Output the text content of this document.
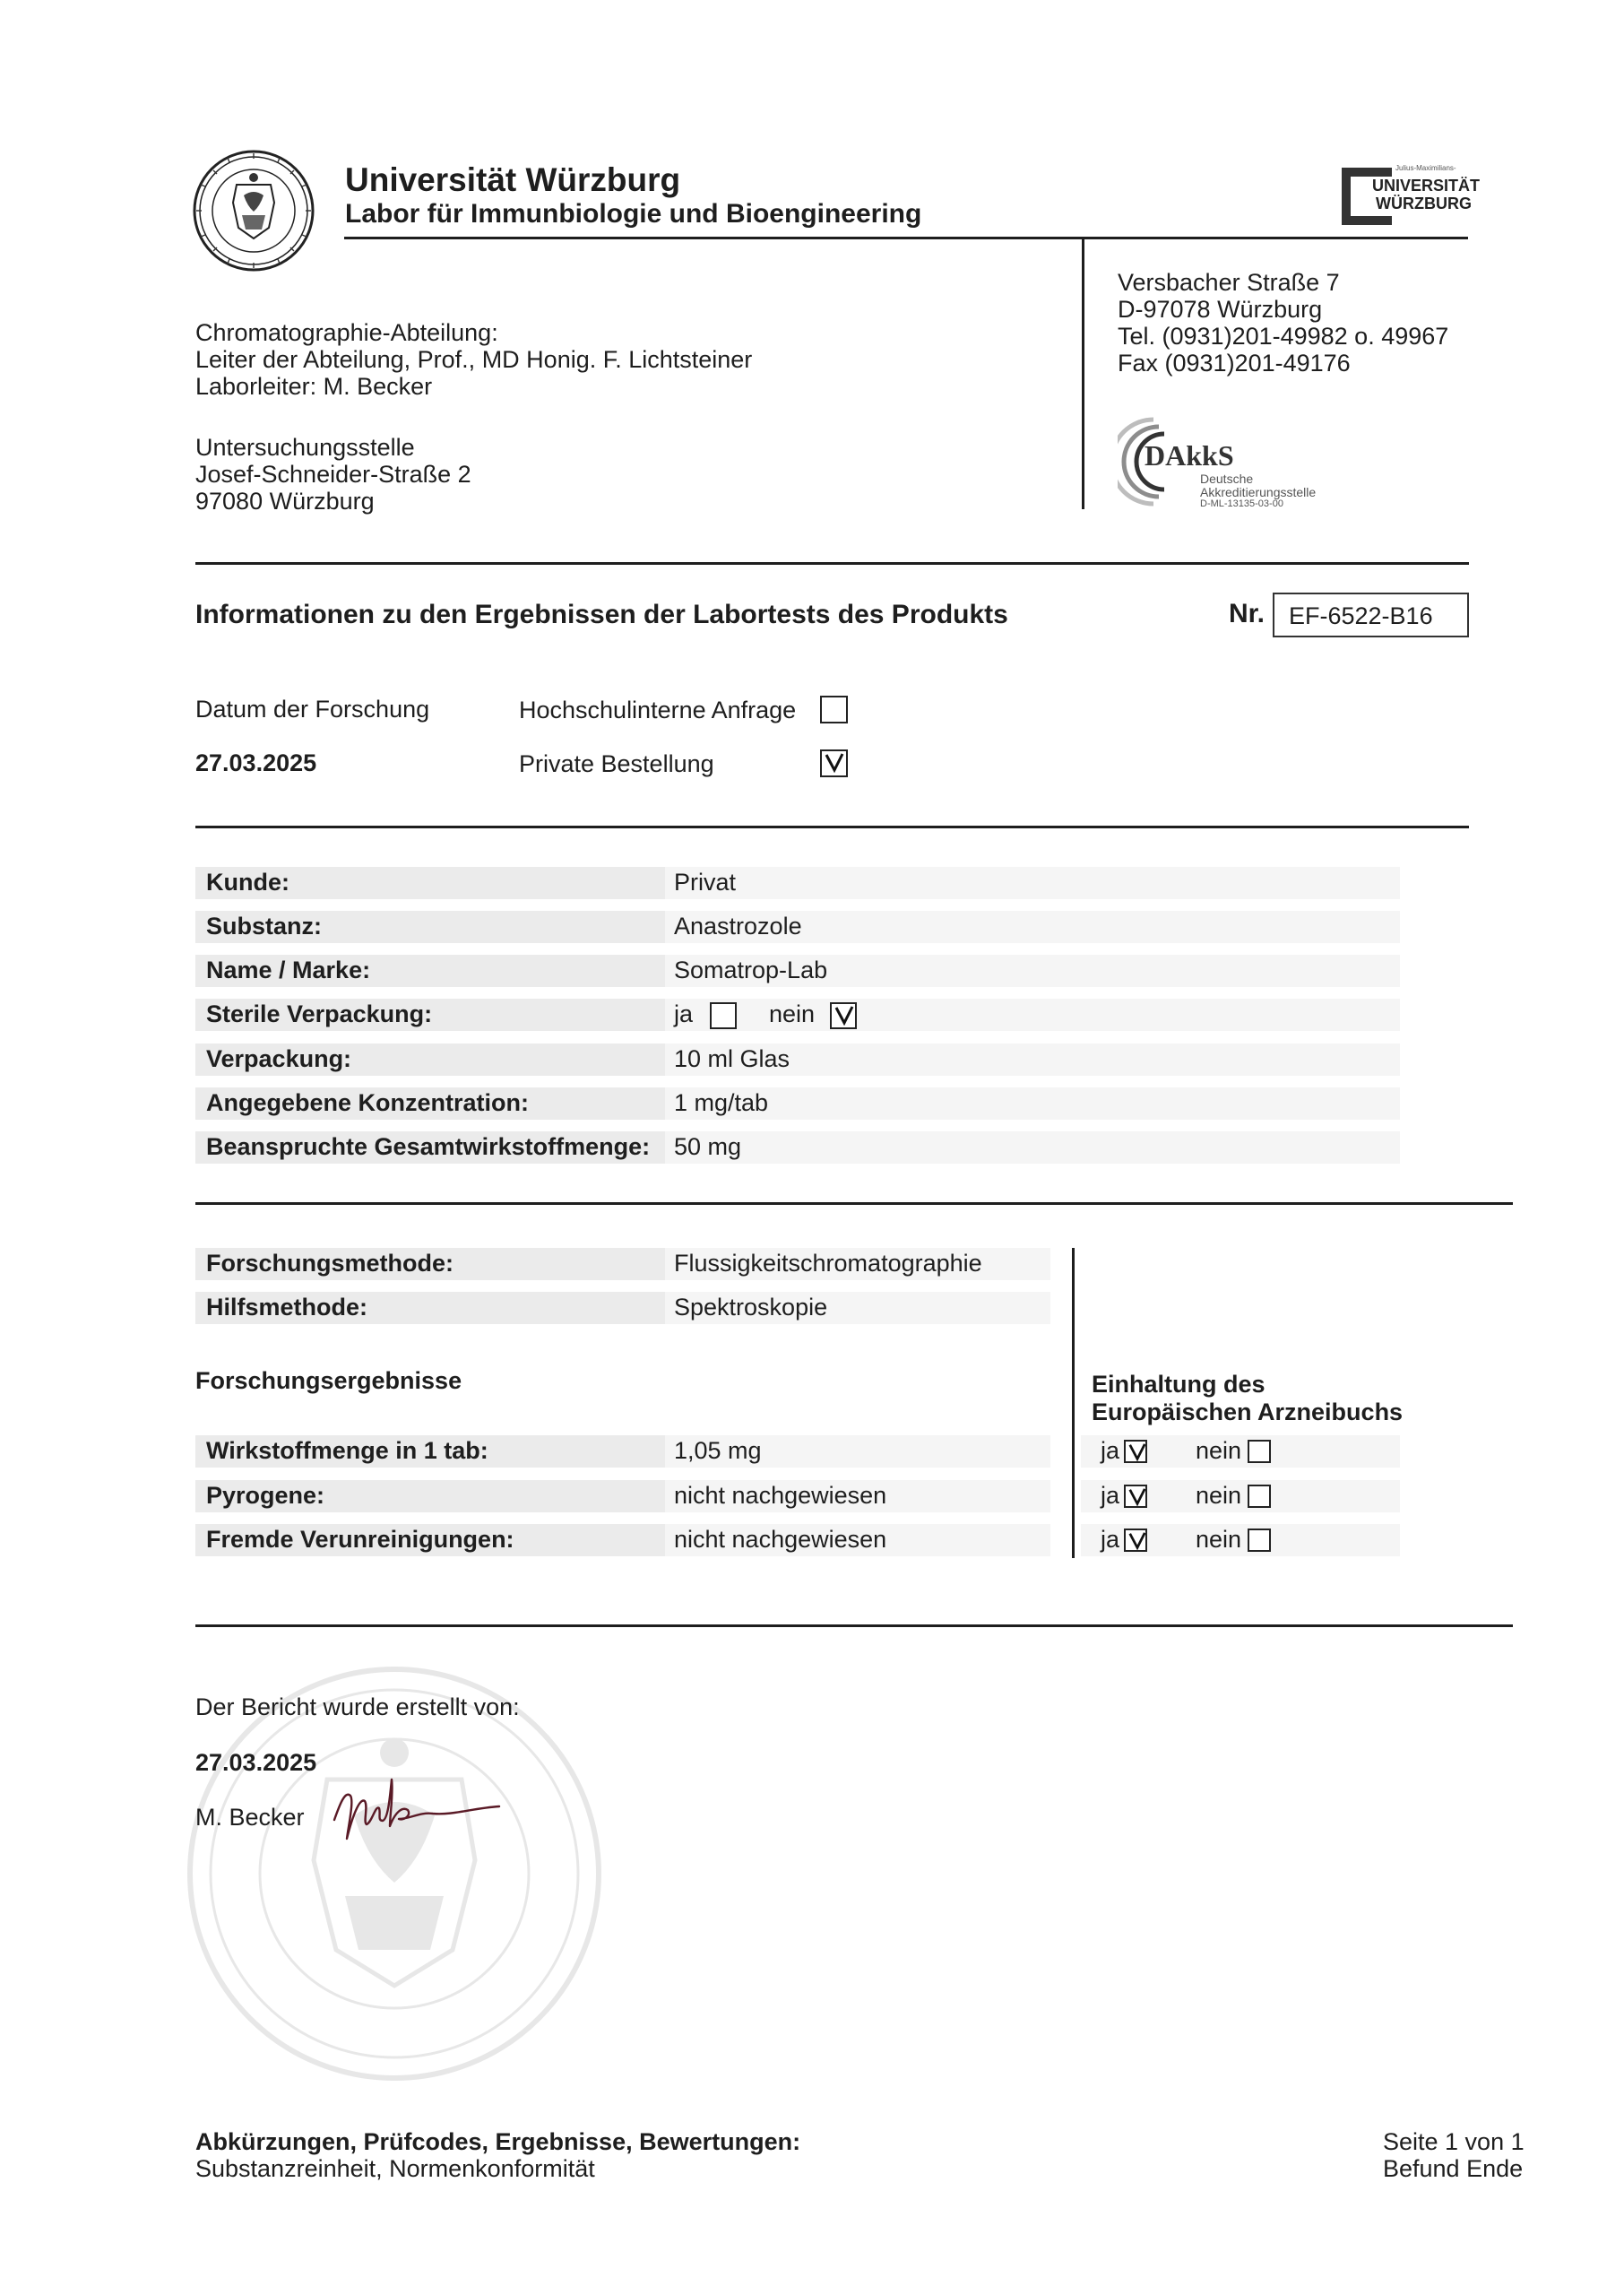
Universität Würzburg
Labor für Immunbiologie und Bioengineering
Julius-Maximilians-
UNIVERSITÄT
WÜRZBURG
Chromatographie-Abteilung:
Leiter der Abteilung, Prof., MD Honig. F. Lichtsteiner
Laborleiter: M. Becker
Untersuchungsstelle
Josef-Schneider-Straße 2
97080 Würzburg
Versbacher Straße 7
D-97078 Würzburg
Tel. (0931)201-49982 o. 49967
Fax (0931)201-49176
DAkkS
Deutsche
Akkreditierungsstelle
D-ML-13135-03-00
Informationen zu den Ergebnissen der Labortests des Produkts	Nr. EF-6522-B16
Datum der Forschung
27.03.2025
Hochschulinterne Anfrage
Private Bestellung
Kunde:	Privat
Substanz:	Anastrozole
Name / Marke:	Somatrop-Lab
Sterile Verpackung:	ja	nein
Verpackung:	10 ml Glas
Angegebene Konzentration:	1 mg/tab
Beanspruchte Gesamtwirkstoffmenge: 50 mg
Forschungsmethode:	Flussigkeitschromatographie
Hilfsmethode:	Spektroskopie
Forschungsergebnisse	Einhaltung des
Europäischen Arzneibuchs
Wirkstoffmenge in 1 tab:	1,05 mg	ja	nein
Pyrogene:	nicht nachgewiesen	ja	nein
Fremde Verunreinigungen:	nicht nachgewiesen	ja	nein
Der Bericht wurde erstellt von:
27.03.2025
M. Becker
Abkürzungen, Prüfcodes, Ergebnisse, Bewertungen:
Substanzreinheit, Normenkonformität
Seite 1 von 1
Befund Ende
